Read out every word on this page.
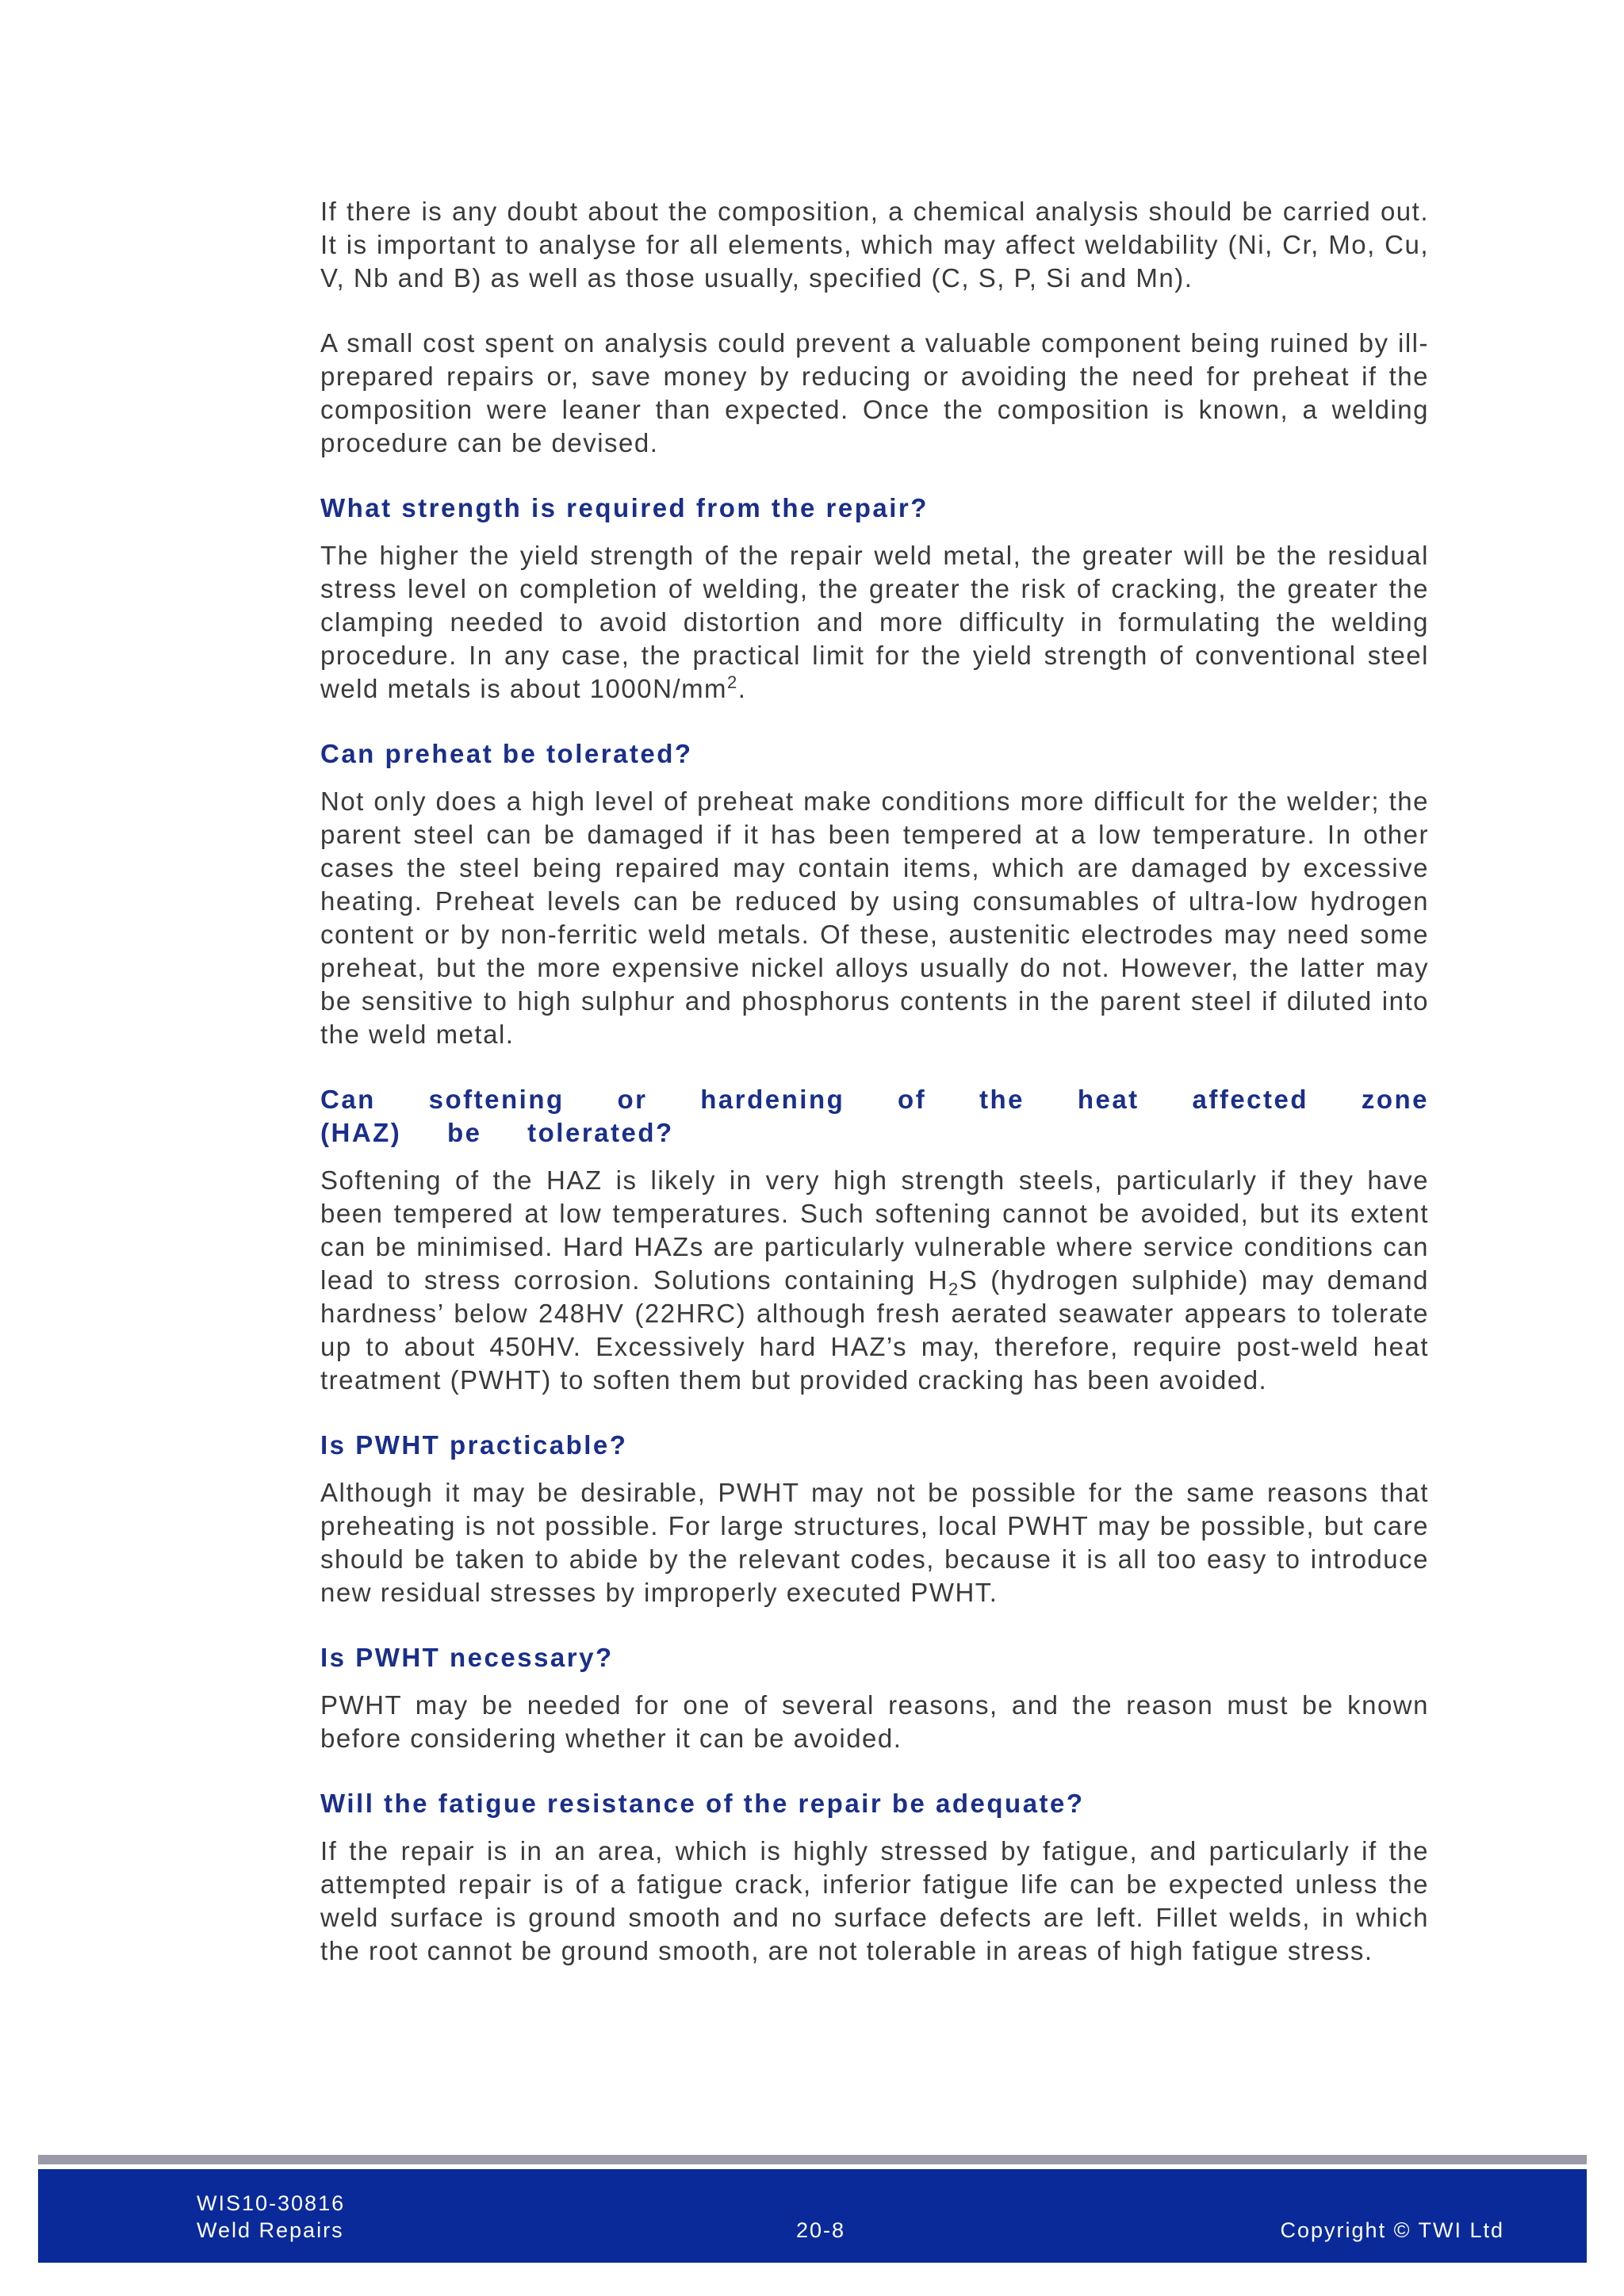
If there is any doubt about the composition, a chemical analysis should be carried out. It is important to analyse for all elements, which may affect weldability (Ni, Cr, Mo, Cu, V, Nb and B) as well as those usually, specified (C, S, P, Si and Mn).

A small cost spent on analysis could prevent a valuable component being ruined by ill-prepared repairs or, save money by reducing or avoiding the need for preheat if the composition were leaner than expected. Once the composition is known, a welding procedure can be devised.

What strength is required from the repair?

The higher the yield strength of the repair weld metal, the greater will be the residual stress level on completion of welding, the greater the risk of cracking, the greater the clamping needed to avoid distortion and more difficulty in formulating the welding procedure. In any case, the practical limit for the yield strength of conventional steel weld metals is about $1000N/mm^2$.

Can preheat be tolerated?

Not only does a high level of preheat make conditions more difficult for the welder; the parent steel can be damaged if it has been tempered at a low temperature. In other cases the steel being repaired may contain items, which are damaged by excessive heating. Preheat levels can be reduced by using consumables of ultra-low hydrogen content or by non-ferritic weld metals. Of these, austenitic electrodes may need some preheat, but the more expensive nickel alloys usually do not. However, the latter may be sensitive to high sulphur and phosphorus contents in the parent steel if diluted into the weld metal.

Can softening or hardening of the heat affected zone (HAZ) be tolerated?

Softening of the HAZ is likely in very high strength steels, particularly if they have been tempered at low temperatures. Such softening cannot be avoided, but its extent can be minimised. Hard HAZs are particularly vulnerable where service conditions can lead to stress corrosion. Solutions containing $H_2S$ (hydrogen sulphide) may demand hardness’ below 248HV (22HRC) although fresh aerated seawater appears to tolerate up to about 450HV. Excessively hard HAZ’s may, therefore, require post-weld heat treatment (PWHT) to soften them but provided cracking has been avoided.

Is PWHT practicable?

Although it may be desirable, PWHT may not be possible for the same reasons that preheating is not possible. For large structures, local PWHT may be possible, but care should be taken to abide by the relevant codes, because it is all too easy to introduce new residual stresses by improperly executed PWHT.

Is PWHT necessary?

PWHT may be needed for one of several reasons, and the reason must be known before considering whether it can be avoided.

Will the fatigue resistance of the repair be adequate?

If the repair is in an area, which is highly stressed by fatigue, and particularly if the attempted repair is of a fatigue crack, inferior fatigue life can be expected unless the weld surface is ground smooth and no surface defects are left. Fillet welds, in which the root cannot be ground smooth, are not tolerable in areas of high fatigue stress.

WIS10-30816
Weld Repairs	20-8	Copyright © TWI Ltd
